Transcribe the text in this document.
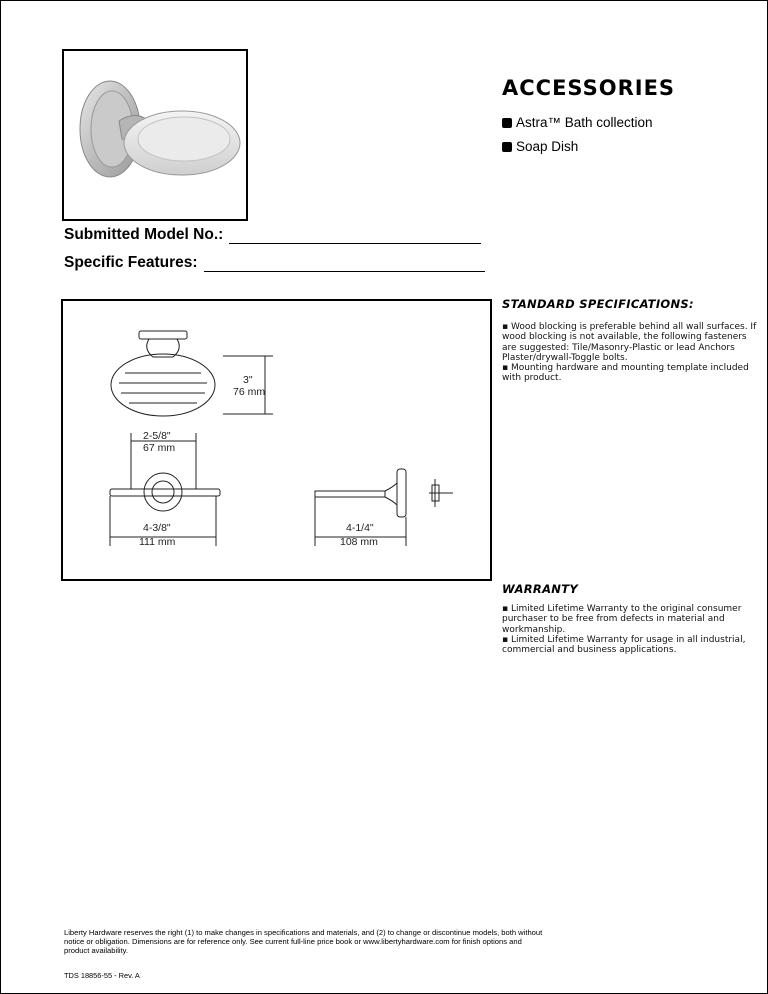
ACCESSORIES
Astra™ Bath collection
Soap Dish
Submitted Model No.:
Specific Features:
3"
76 mm
2-5/8"
67 mm
4-3/8"
111 mm
4-1/4"
108 mm
STANDARD SPECIFICATIONS:

▪ Wood blocking is preferable behind all wall surfaces. If wood blocking is not available, the following fasteners are suggested: Tile/Masonry-Plastic or lead Anchors Plaster/drywall-Toggle bolts.

▪ Mounting hardware and mounting template included with product.

WARRANTY

▪ Limited Lifetime Warranty to the original consumer purchaser to be free from defects in material and workmanship.

▪ Limited Lifetime Warranty for usage in all industrial, commercial and business applications.

Liberty Hardware reserves the right (1) to make changes in specifications and materials, and (2) to change or discontinue models, both without notice or obligation. Dimensions are for reference only. See current full-line price book or www.libertyhardware.com for finish options and product availability.
TDS 18856-55 - Rev. A
